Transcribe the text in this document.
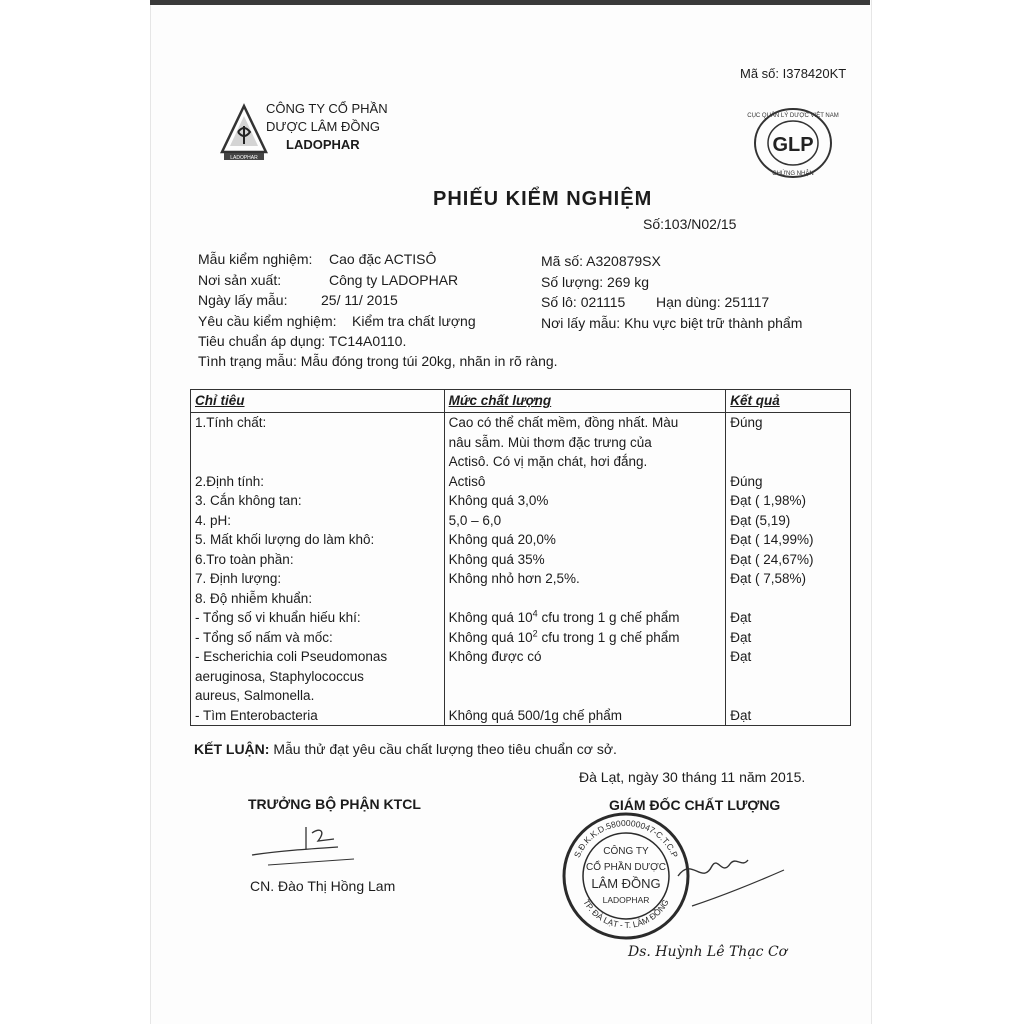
Mã số: I378420KT
LADOPHAR
CÔNG TY CỔ PHẦN
DƯỢC LÂM ĐỒNG
LADOPHAR	GLP
CỤC QUẢN LÝ DƯỢC VIỆT NAM
CHỨNG NHẬN
PHIẾU KIỂM NGHIỆM
Số:103/N02/15
Mẫu kiểm nghiệm: Cao đặc ACTISÔ
Nơi sản xuất:	Công ty LADOPHAR
Ngày lấy mẫu: 25/ 11/ 2015
Yêu cầu kiểm nghiệm: Kiểm tra chất lượng
Tiêu chuẩn áp dụng: TC14A0110.
Tình trạng mẫu: Mẫu đóng trong túi 20kg, nhãn in rõ ràng.
Mã số: A320879SX
Số lượng: 269 kg
Số lô: 021115 Hạn dùng: 251117
Nơi lấy mẫu: Khu vực biệt trữ thành phẩm
Chỉ tiêu	Mức chất lượng	Kết quả

1.Tính chất:	Cao có thể chất mềm, đồng nhất. Màu
nâu sẫm. Mùi thơm đặc trưng của
Actisô. Có vị mặn chát, hơi đắng.	Đúng

2.Định tính:	Actisô	Đúng

3. Cắn không tan:	Không quá 3,0%	Đạt ( 1,98%)

4. pH:	5,0 – 6,0	Đạt (5,19)

5. Mất khối lượng do làm khô:	Không quá 20,0%	Đạt ( 14,99%)

6.Tro toàn phần:	Không quá 35%	Đạt ( 24,67%)

7. Định lượng:	Không nhỏ hơn 2,5%.	Đạt ( 7,58%)

8. Độ nhiễm khuẩn:		

- Tổng số vi khuẩn hiếu khí:	Không quá $10^4$ cfu trong 1 g chế phẩm	Đạt

- Tổng số nấm và mốc:	Không quá $10^2$ cfu trong 1 g chế phẩm	Đạt

- Escherichia coli Pseudomonas
aeruginosa, Staphylococcus
aureus, Salmonella.	Không được có	Đạt

- Tìm Enterobacteria	Không quá 500/1g chế phẩm	Đạt
KẾT LUẬN: Mẫu thử đạt yêu cầu chất lượng theo tiêu chuẩn cơ sở.
Đà Lạt, ngày 30 tháng 11 năm 2015.
TRƯỞNG BỘ PHẬN KTCL
CN. Đào Thị Hồng Lam
GIÁM ĐỐC CHẤT LƯỢNG
S.Đ.K.K.D.5800000047-C.T.C.P
TP. ĐÀ LẠT - T. LÂM ĐỒNG
CÔNG TY
CỔ PHẦN DƯỢC
LÂM ĐỒNG
LADOPHAR
Ds. Huỳnh Lê Thạc Cơ
